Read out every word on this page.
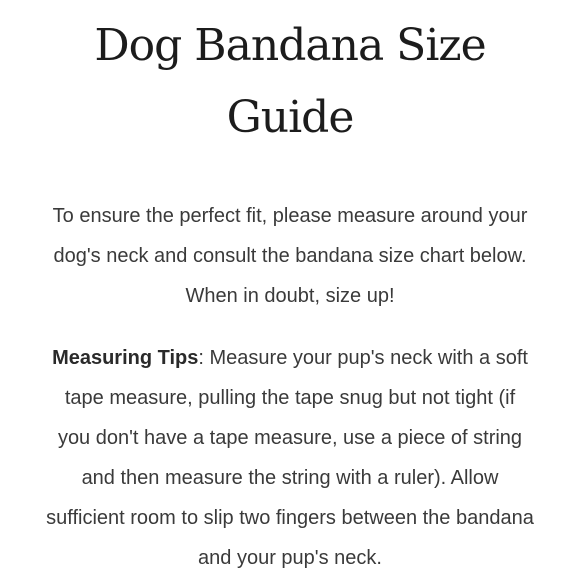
Dog Bandana Size Guide

To ensure the perfect fit, please measure around your dog's neck and consult the bandana size chart below. When in doubt, size up!

Measuring Tips: Measure your pup's neck with a soft tape measure, pulling the tape snug but not tight (if you don't have a tape measure, use a piece of string and then measure the string with a ruler). Allow sufficient room to slip two fingers between the bandana and your pup's neck.
